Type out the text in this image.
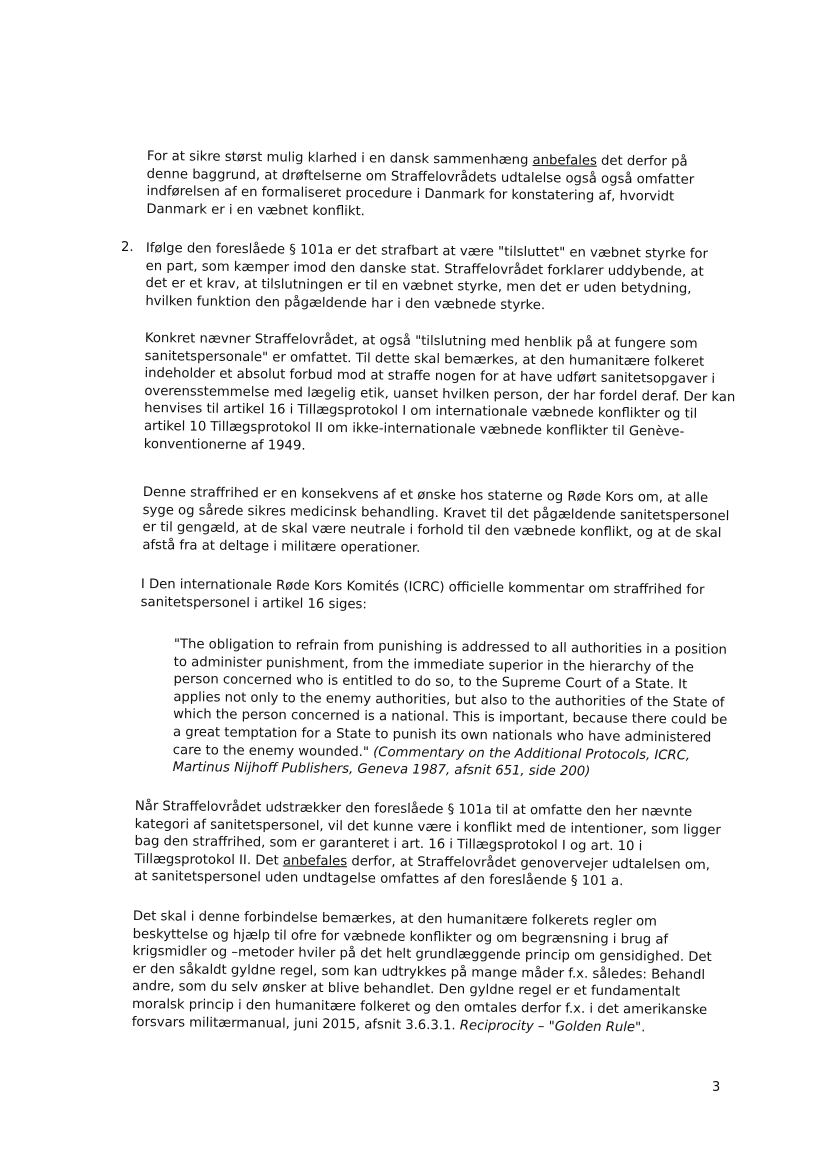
For at sikre størst mulig klarhed i en dansk sammenhæng anbefales det derfor på denne baggrund, at drøftelserne om Straffelovrådets udtalelse også også omfatter indførelsen af en formaliseret procedure i Danmark for konstatering af, hvorvidt Danmark er i en væbnet konflikt.

2. Ifølge den foreslåede § 101a er det strafbart at være "tilsluttet" en væbnet styrke for en part, som kæmper imod den danske stat. Straffelovrådet forklarer uddybende, at det er et krav, at tilslutningen er til en væbnet styrke, men det er uden betydning, hvilken funktion den pågældende har i den væbnede styrke.

Konkret nævner Straffelovrådet, at også "tilslutning med henblik på at fungere som sanitetspersonale" er omfattet. Til dette skal bemærkes, at den humanitære folkeret indeholder et absolut forbud mod at straffe nogen for at have udført sanitetsopgaver i overensstemmelse med lægelig etik, uanset hvilken person, der har fordel deraf. Der kan henvises til artikel 16 i Tillægsprotokol I om internationale væbnede konflikter og til artikel 10 Tillægsprotokol II om ikke-internationale væbnede konflikter til Genève-konventionerne af 1949.

Denne straffrihed er en konsekvens af et ønske hos staterne og Røde Kors om, at alle syge og sårede sikres medicinsk behandling. Kravet til det pågældende sanitetspersonel er til gengæld, at de skal være neutrale i forhold til den væbnede konflikt, og at de skal afstå fra at deltage i militære operationer.

I Den internationale Røde Kors Komités (ICRC) officielle kommentar om straffrihed for sanitetspersonel i artikel 16 siges:

"The obligation to refrain from punishing is addressed to all authorities in a position to administer punishment, from the immediate superior in the hierarchy of the person concerned who is entitled to do so, to the Supreme Court of a State. It applies not only to the enemy authorities, but also to the authorities of the State of which the person concerned is a national. This is important, because there could be a great temptation for a State to punish its own nationals who have administered care to the enemy wounded." (Commentary on the Additional Protocols, ICRC, Martinus Nijhoff Publishers, Geneva 1987, afsnit 651, side 200)

Når Straffelovrådet udstrækker den foreslåede § 101a til at omfatte den her nævnte kategori af sanitetspersonel, vil det kunne være i konflikt med de intentioner, som ligger bag den straffrihed, som er garanteret i art. 16 i Tillægsprotokol I og art. 10 i Tillægsprotokol II. Det anbefales derfor, at Straffelovrådet genovervejer udtalelsen om, at sanitetspersonel uden undtagelse omfattes af den foreslående § 101 a.

Det skal i denne forbindelse bemærkes, at den humanitære folkerets regler om beskyttelse og hjælp til ofre for væbnede konflikter og om begrænsning i brug af krigsmidler og –metoder hviler på det helt grundlæggende princip om gensidighed. Det er den såkaldt gyldne regel, som kan udtrykkes på mange måder f.x. således: Behandl andre, som du selv ønsker at blive behandlet. Den gyldne regel er et fundamentalt moralsk princip i den humanitære folkeret og den omtales derfor f.x. i det amerikanske forsvars militærmanual, juni 2015, afsnit 3.6.3.1. Reciprocity – "Golden Rule".

3
